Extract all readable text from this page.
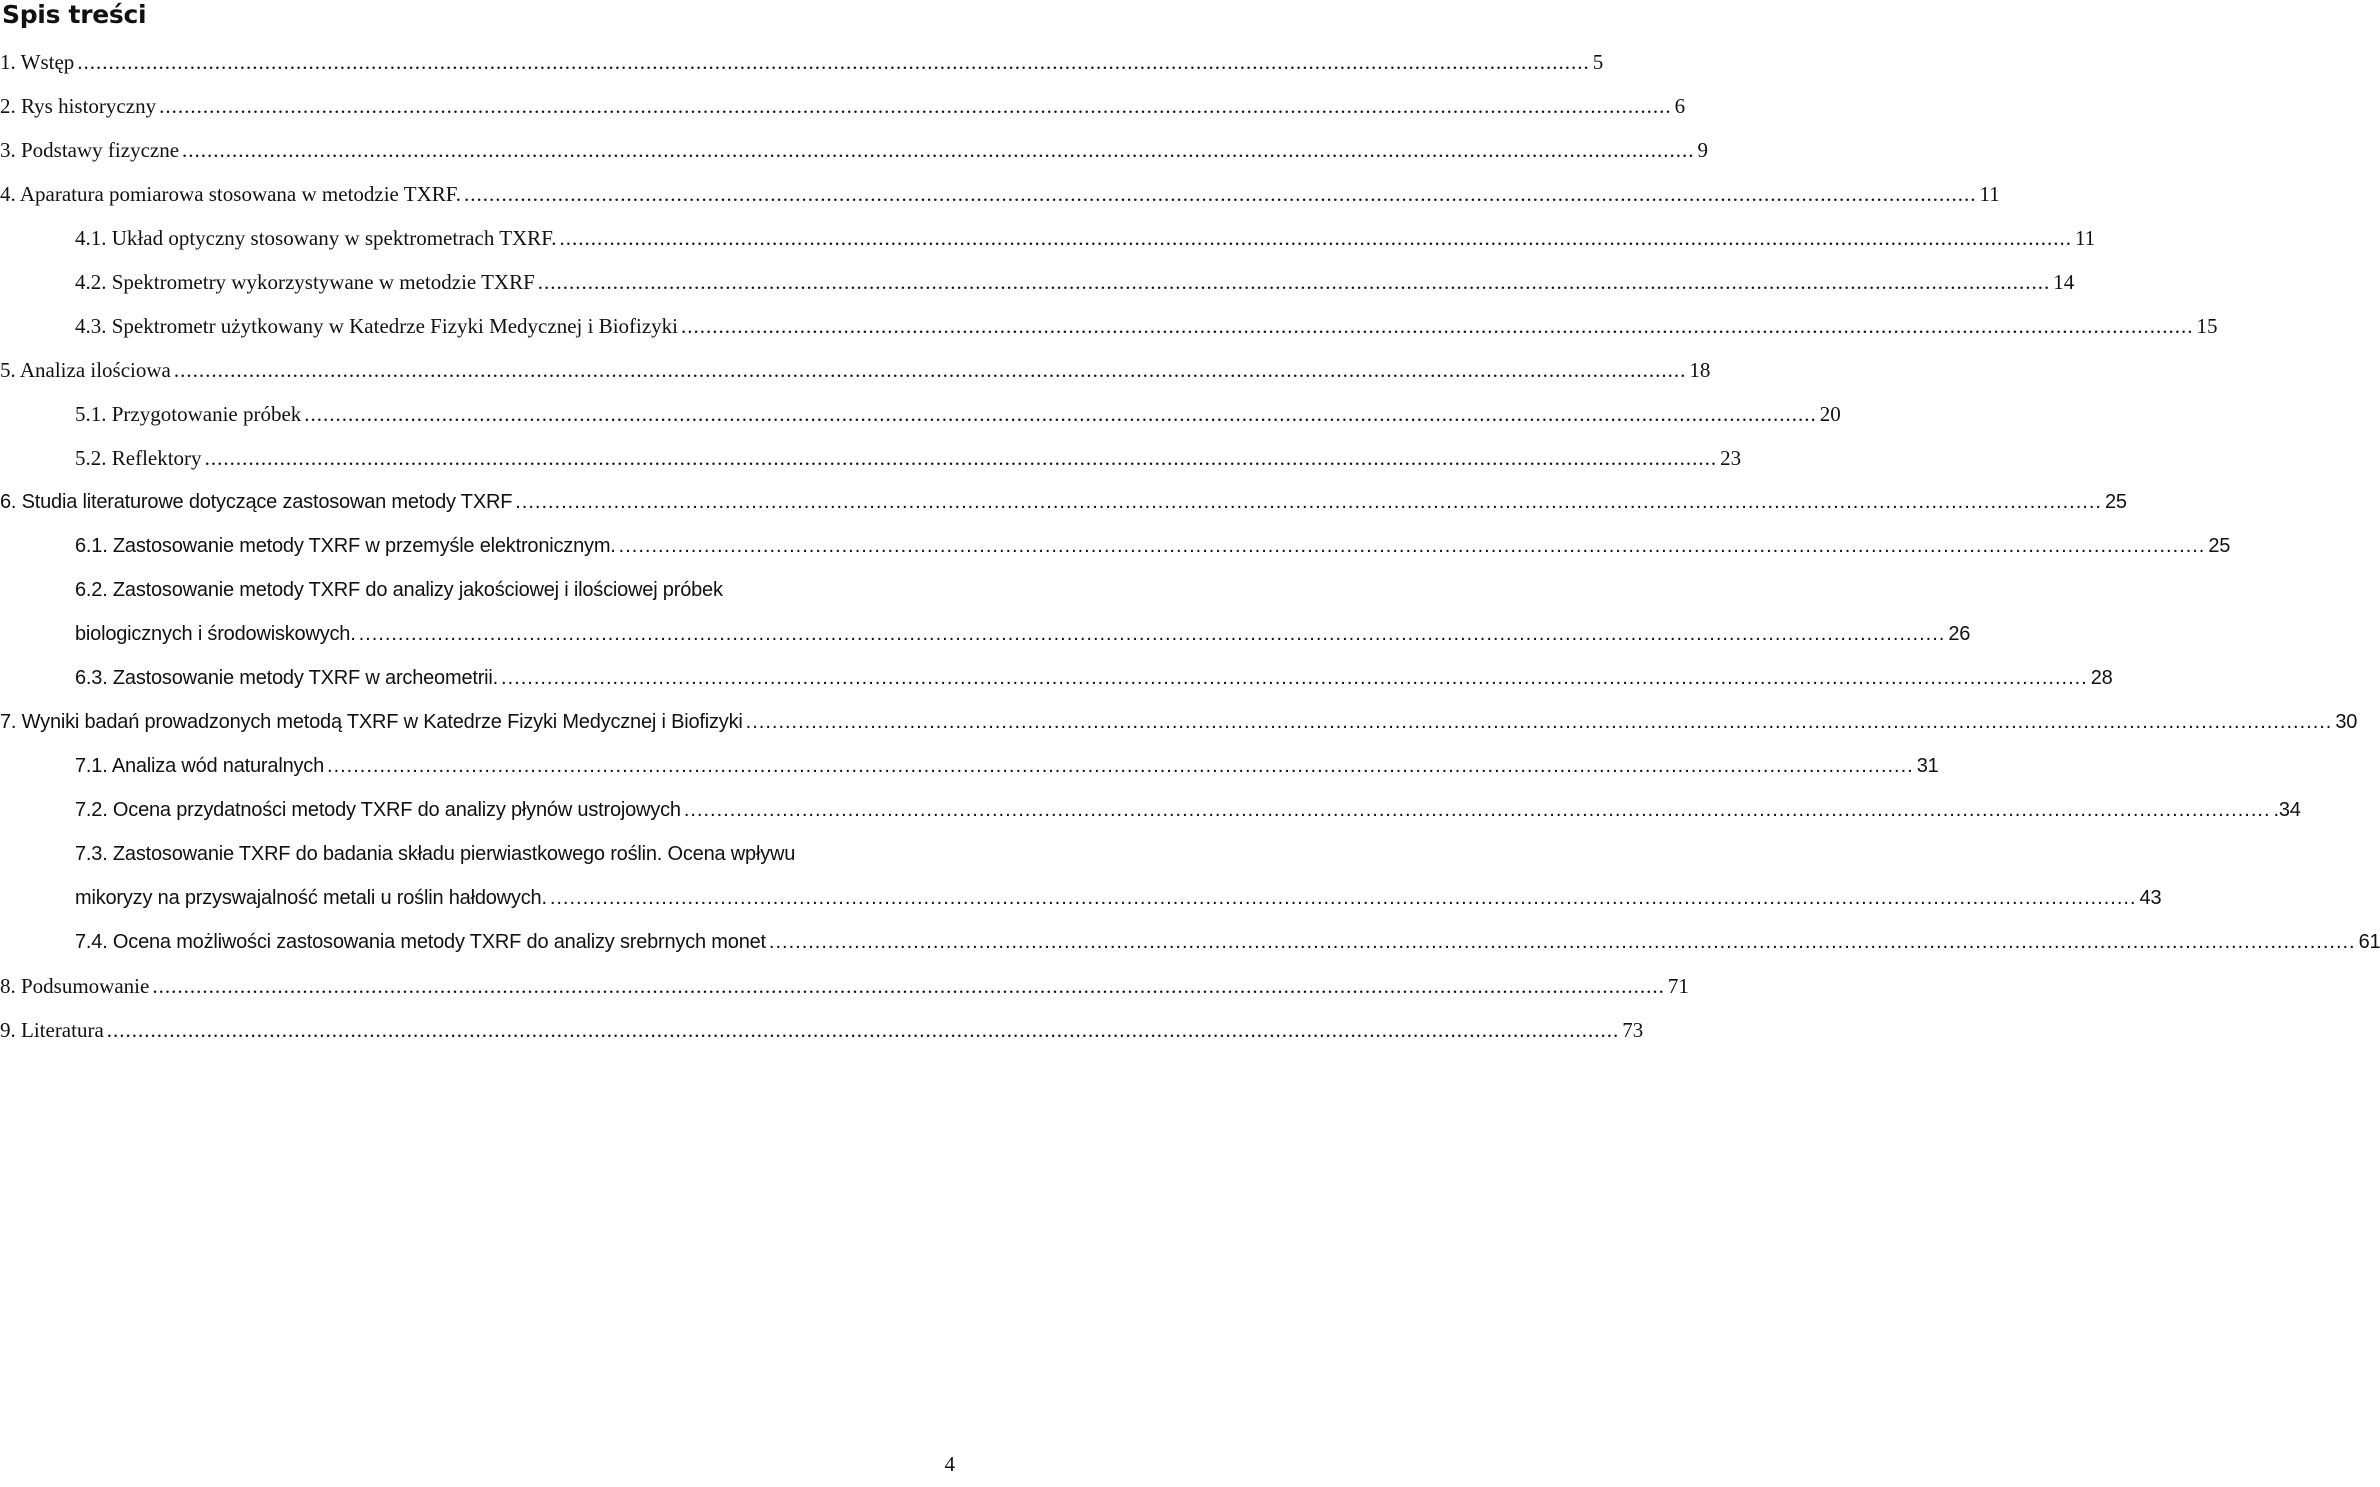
Spis treści
1. Wstęp .................................................................................................................................................................................................................................................. 5
2. Rys historyczny .................................................................................................................................................................................................................................................. 6
3. Podstawy fizyczne .................................................................................................................................................................................................................................................. 9
4. Aparatura pomiarowa stosowana w metodzie TXRF. .................................................................................................................................................................................................................................................. 11
4.1. Układ optyczny stosowany w spektrometrach TXRF. .................................................................................................................................................................................................................................................. 11
4.2. Spektrometry wykorzystywane w metodzie TXRF .................................................................................................................................................................................................................................................. 14
4.3. Spektrometr użytkowany w Katedrze Fizyki Medycznej i Biofizyki .................................................................................................................................................................................................................................................. 15
5. Analiza ilościowa .................................................................................................................................................................................................................................................. 18
5.1. Przygotowanie próbek .................................................................................................................................................................................................................................................. 20
5.2. Reflektory .................................................................................................................................................................................................................................................. 23
6. Studia literaturowe dotyczące zastosowan metody TXRF .................................................................................................................................................................................................................................................. 25
6.1. Zastosowanie metody TXRF w przemyśle elektronicznym. .................................................................................................................................................................................................................................................. 25
6.2. Zastosowanie metody TXRF do analizy jakościowej i ilościowej próbek
biologicznych i środowiskowych. .................................................................................................................................................................................................................................................. 26
6.3. Zastosowanie metody TXRF w archeometrii. .................................................................................................................................................................................................................................................. 28
7. Wyniki badań prowadzonych metodą TXRF w Katedrze Fizyki Medycznej i Biofizyki .................................................................................................................................................................................................................................................. 30
7.1. Analiza wód naturalnych .................................................................................................................................................................................................................................................. 31
7.2. Ocena przydatności metody TXRF do analizy płynów ustrojowych .................................................................................................................................................................................................................................................. .34
7.3. Zastosowanie TXRF do badania składu pierwiastkowego roślin. Ocena wpływu
mikoryzy na przyswajalność metali u roślin hałdowych. .................................................................................................................................................................................................................................................. 43
7.4. Ocena możliwości zastosowania metody TXRF do analizy srebrnych monet .................................................................................................................................................................................................................................................. 61
8. Podsumowanie .................................................................................................................................................................................................................................................. 71
9. Literatura .................................................................................................................................................................................................................................................. 73
4
